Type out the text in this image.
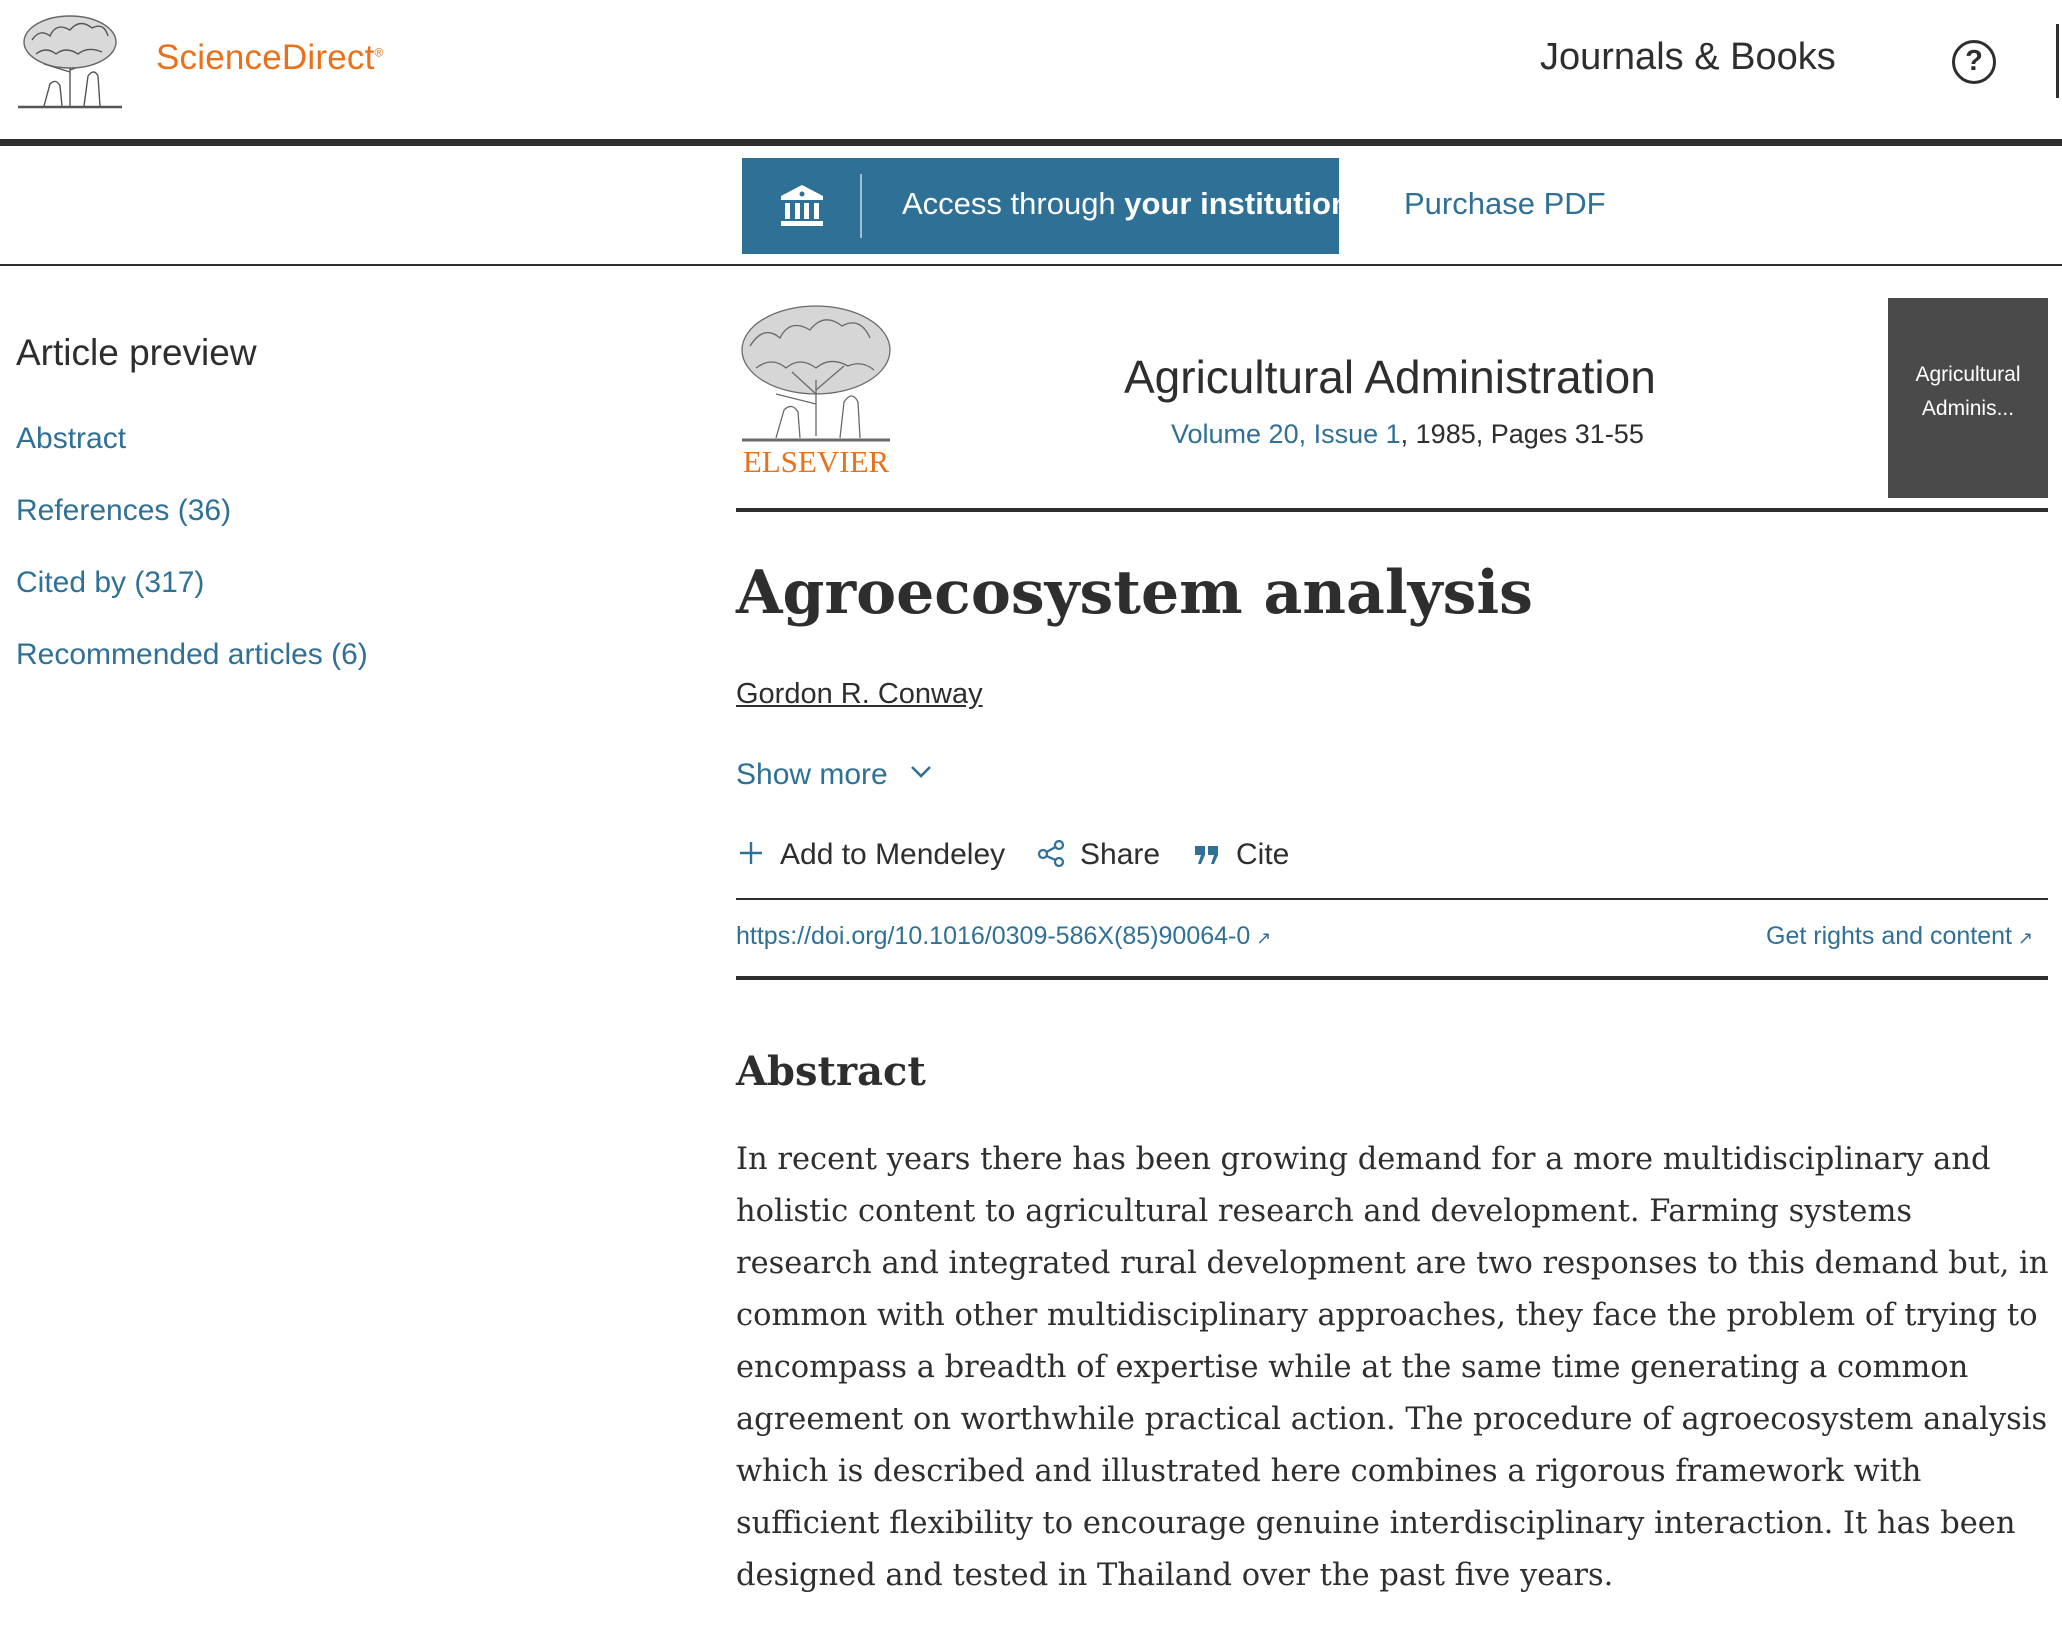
ScienceDirect®	Journals & Books	?
Access through your institution Purchase PDF
Article preview
Abstract
References (36)
Cited by (317)
Recommended articles (6)
ELSEVIER
Agricultural Administration
Volume 20, Issue 1, 1985, Pages 31-55
Agricultural
Adminis...
Agroecosystem analysis
Gordon R. Conway
Show more
Add to Mendeley	Share	Cite
https://doi.org/10.1016/0309-586X(85)90064-0 ↗	Get rights and content ↗
Abstract

In recent years there has been growing demand for a more multidisciplinary and holistic content to agricultural research and development. Farming systems research and integrated rural development are two responses to this demand but, in common with other multidisciplinary approaches, they face the problem of trying to encompass a breadth of expertise while at the same time generating a common agreement on worthwhile practical action. The procedure of agroecosystem analysis which is described and illustrated here combines a rigorous framework with sufficient flexibility to encourage genuine interdisciplinary interaction. It has been designed and tested in Thailand over the past five years.
